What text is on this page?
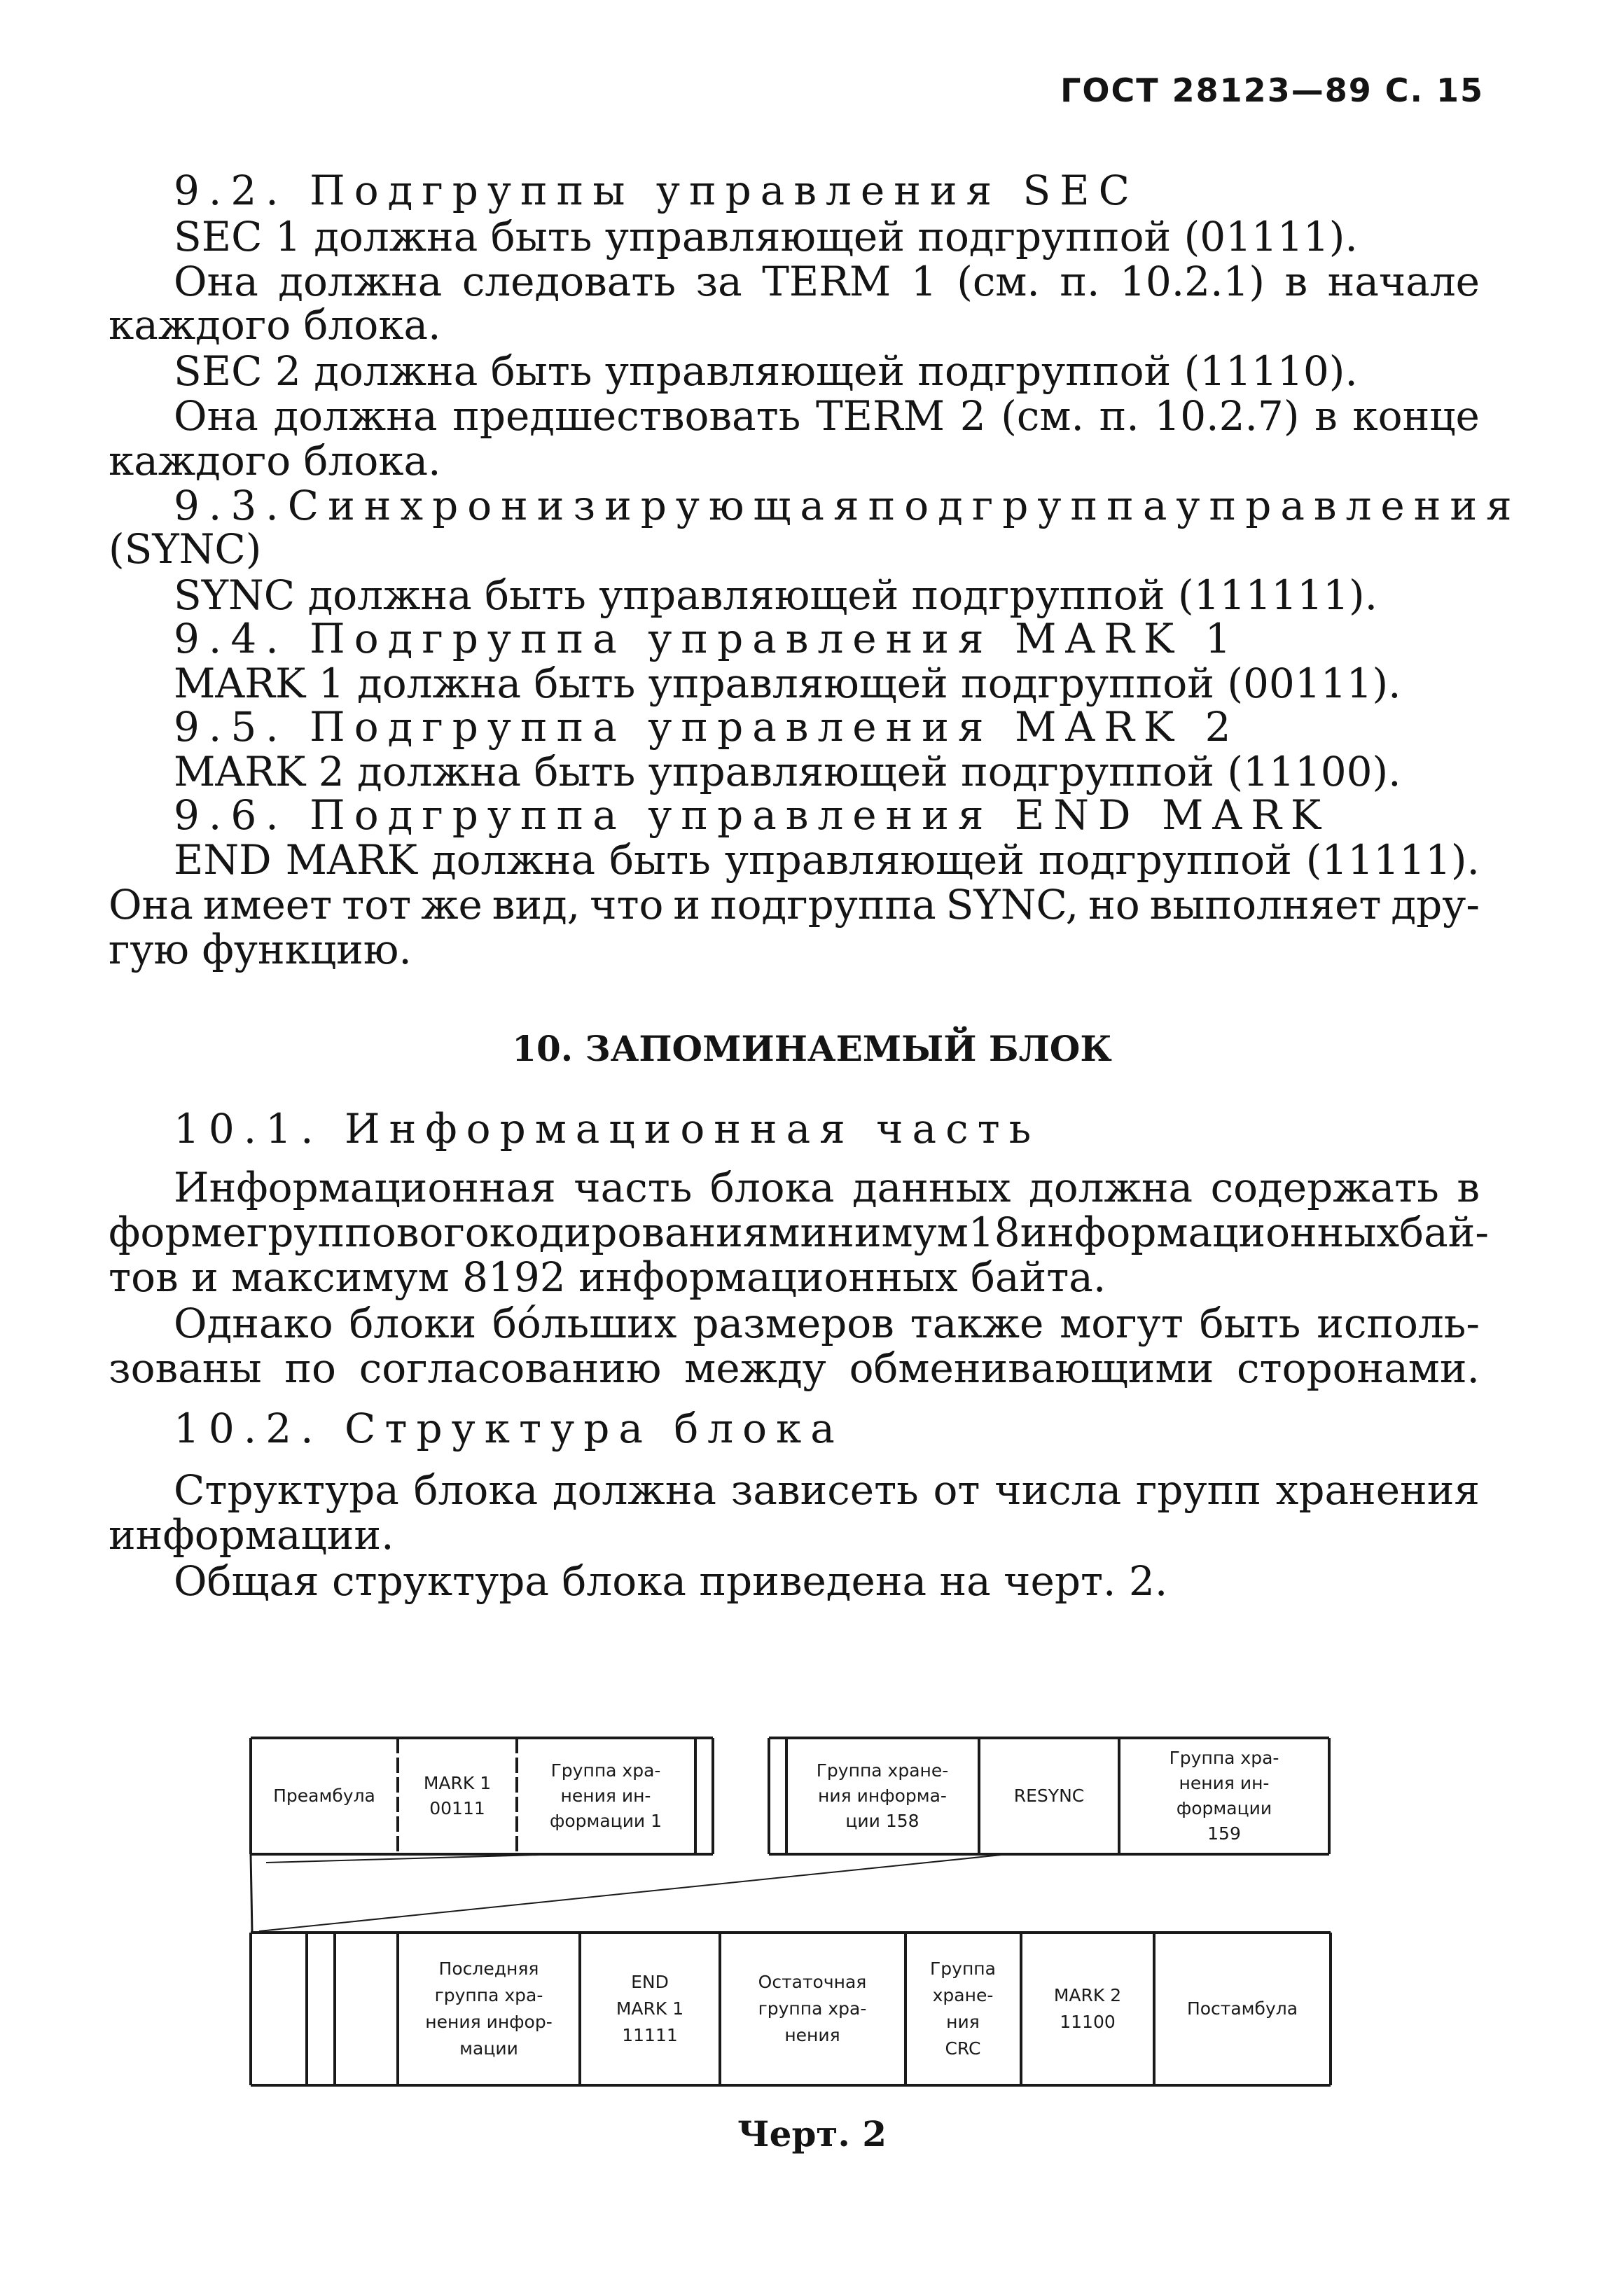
ГОСТ 28123—89 С. 15
9.2. Подгруппы управления SEC
SEC 1 должна быть управляющей подгруппой (01111).
Она должна следовать за TERM 1 (см. п. 10.2.1) в начале
каждого блока.
SEC 2 должна быть управляющей подгруппой (11110).
Она должна предшествовать TERM 2 (см. п. 10.2.7) в конце
каждого блока.
9.3. Синхронизирующая подгруппа управления
(SYNC)
SYNC должна быть управляющей подгруппой (111111).
9.4. Подгруппа управления MARK 1
MARK 1 должна быть управляющей подгруппой (00111).
9.5. Подгруппа управления MARK 2
MARK 2 должна быть управляющей подгруппой (11100).
9.6. Подгруппа управления END MARK
END MARK должна быть управляющей подгруппой (11111).
Она имеет тот же вид, что и подгруппа SYNC, но выполняет дру-
гую функцию.
10. ЗАПОМИНАЕМЫЙ БЛОК
10.1. Информационная часть
Информационная часть блока данных должна содержать в
форме группового кодирования минимум 18 информационных бай-
тов и максимум 8192 информационных байта.
Однако блоки бо́льших размеров также могут быть исполь-
зованы по согласованию между обменивающими сторонами.
10.2. Структура блока
Структура блока должна зависеть от числа групп хранения
информации.
Общая структура блока приведена на черт. 2.
Преамбула
MARK 1
00111
Группа хра-
нения ин-
формации 1
Группа хране-
ния информа-
ции 158
RESYNC
Группа хра-
нения ин-
формации
159
Последняя
группа хра-
нения инфор-
мации
END
MARK 1
11111
Остаточная
группа хра-
нения
Группа
хране-
ния
CRC
MARK 2
11100
Постамбула
Черт. 2
